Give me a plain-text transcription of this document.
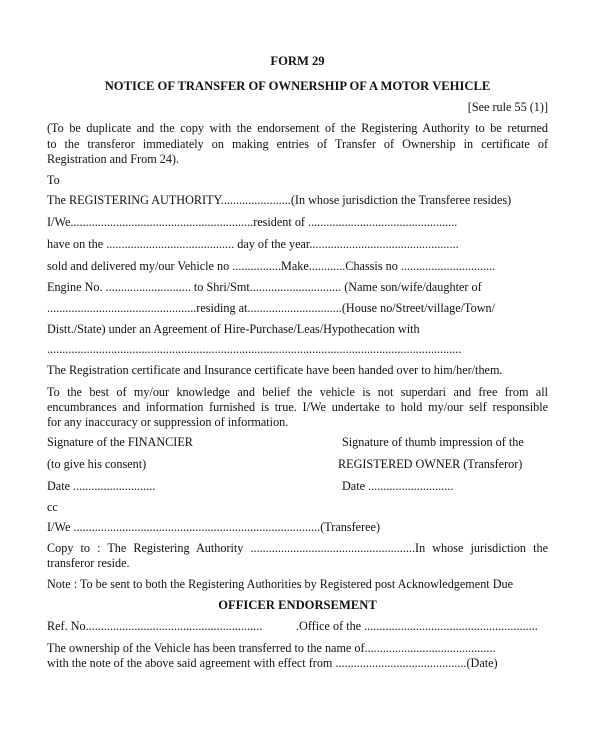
FORM 29
NOTICE OF TRANSFER OF OWNERSHIP OF A MOTOR VEHICLE
[See rule 55 (1)]
(To be duplicate and the copy with the endorsement of the Registering Authority to be returned
to the transferor immediately on making entries of Transfer of Ownership in certificate of
Registration and From 24).
To
The REGISTERING AUTHORITY.......................(In whose jurisdiction the Transferee resides)
I/We............................................................resident of .................................................
have on the .......................................... day of the year.................................................
sold and delivered my/our Vehicle no ................Make............Chassis no ...............................
Engine No. ............................ to Shri/Smt.............................. (Name son/wife/daughter of
.................................................residing at...............................(House no/Street/village/Town/
Distt./State) under an Agreement of Hire-Purchase/Leas/Hypothecation with
........................................................................................................................................
The Registration certificate and Insurance certificate have been handed over to him/her/them.
To the best of my/our knowledge and belief the vehicle is not superdari and free from all
encumbrances and information furnished is true. I/We undertake to hold my/our self responsible
for any inaccuracy or suppression of information.
Signature of the FINANCIER
(to give his consent)
Date ...........................
Signature of thumb impression of the
REGISTERED OWNER (Transferor)
Date ............................
cc
I/We .................................................................................(Transferee)
Copy to : The Registering Authority ......................................................In whose jurisdiction the
transferor reside.
Note : To be sent to both the Registering Authorities by Registered post Acknowledgement Due
OFFICER ENDORSEMENT
Ref. No..........................................................	.Office of the .........................................................
The ownership of the Vehicle has been transferred to the name of...........................................
with the note of the above said agreement with effect from ...........................................(Date)
